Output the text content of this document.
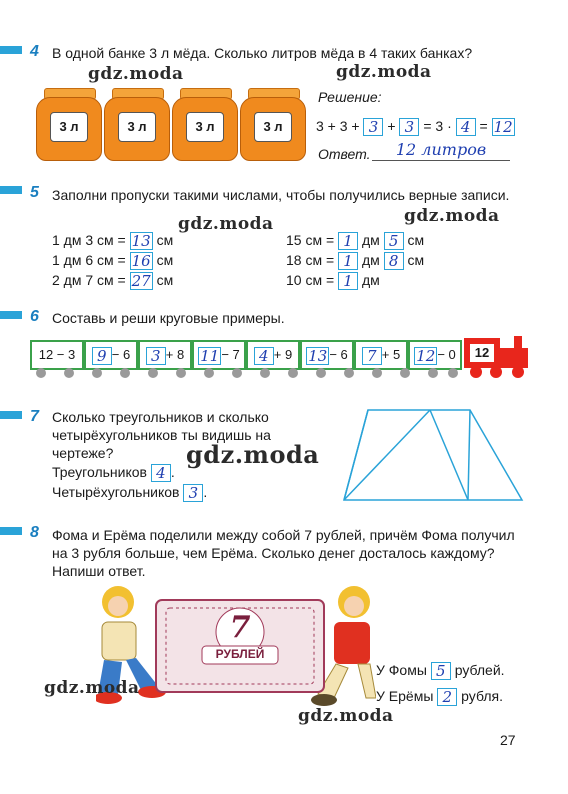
4 В одной банке 3 л мёда. Сколько литров мёда в 4 таких банках?
3 л	3 л	3 л	3 л
Решение:
3 + 3 + 3 + 3 = 3 · 4 = 12
Ответ.	12 литров
5 Заполни пропуски такими числами, чтобы получились верные записи.
1 дм 3 см = 13 см
1 дм 6 см = 16 см
2 дм 7 см = 27 см
15 см = 1 дм 5 см
18 см = 1 дм 8 см
10 см = 1 дм
6 Составь и реши круговые примеры.
12 − 3	9 − 6	3 + 8	11 − 7	4 + 9	13 − 6	7 + 5	12 − 0	12
7 Сколько треугольников и сколько четырёхугольников ты видишь на чертеже?
Треугольников 4 .
Четырёхугольников 3 .
8 Фома и Ерёма поделили между собой 7 рублей, причём Фома получил на 3 рубля больше, чем Ерёма. Сколько денег досталось каждому? Напиши ответ.
7
РУБЛЕЙ
У Фомы 5 рублей.
У Ерёмы 2 рубля.
gdz.moda	gdz.moda
gdz.moda	gdz.moda
gdz.moda
gdz.moda
gdz.moda
27
